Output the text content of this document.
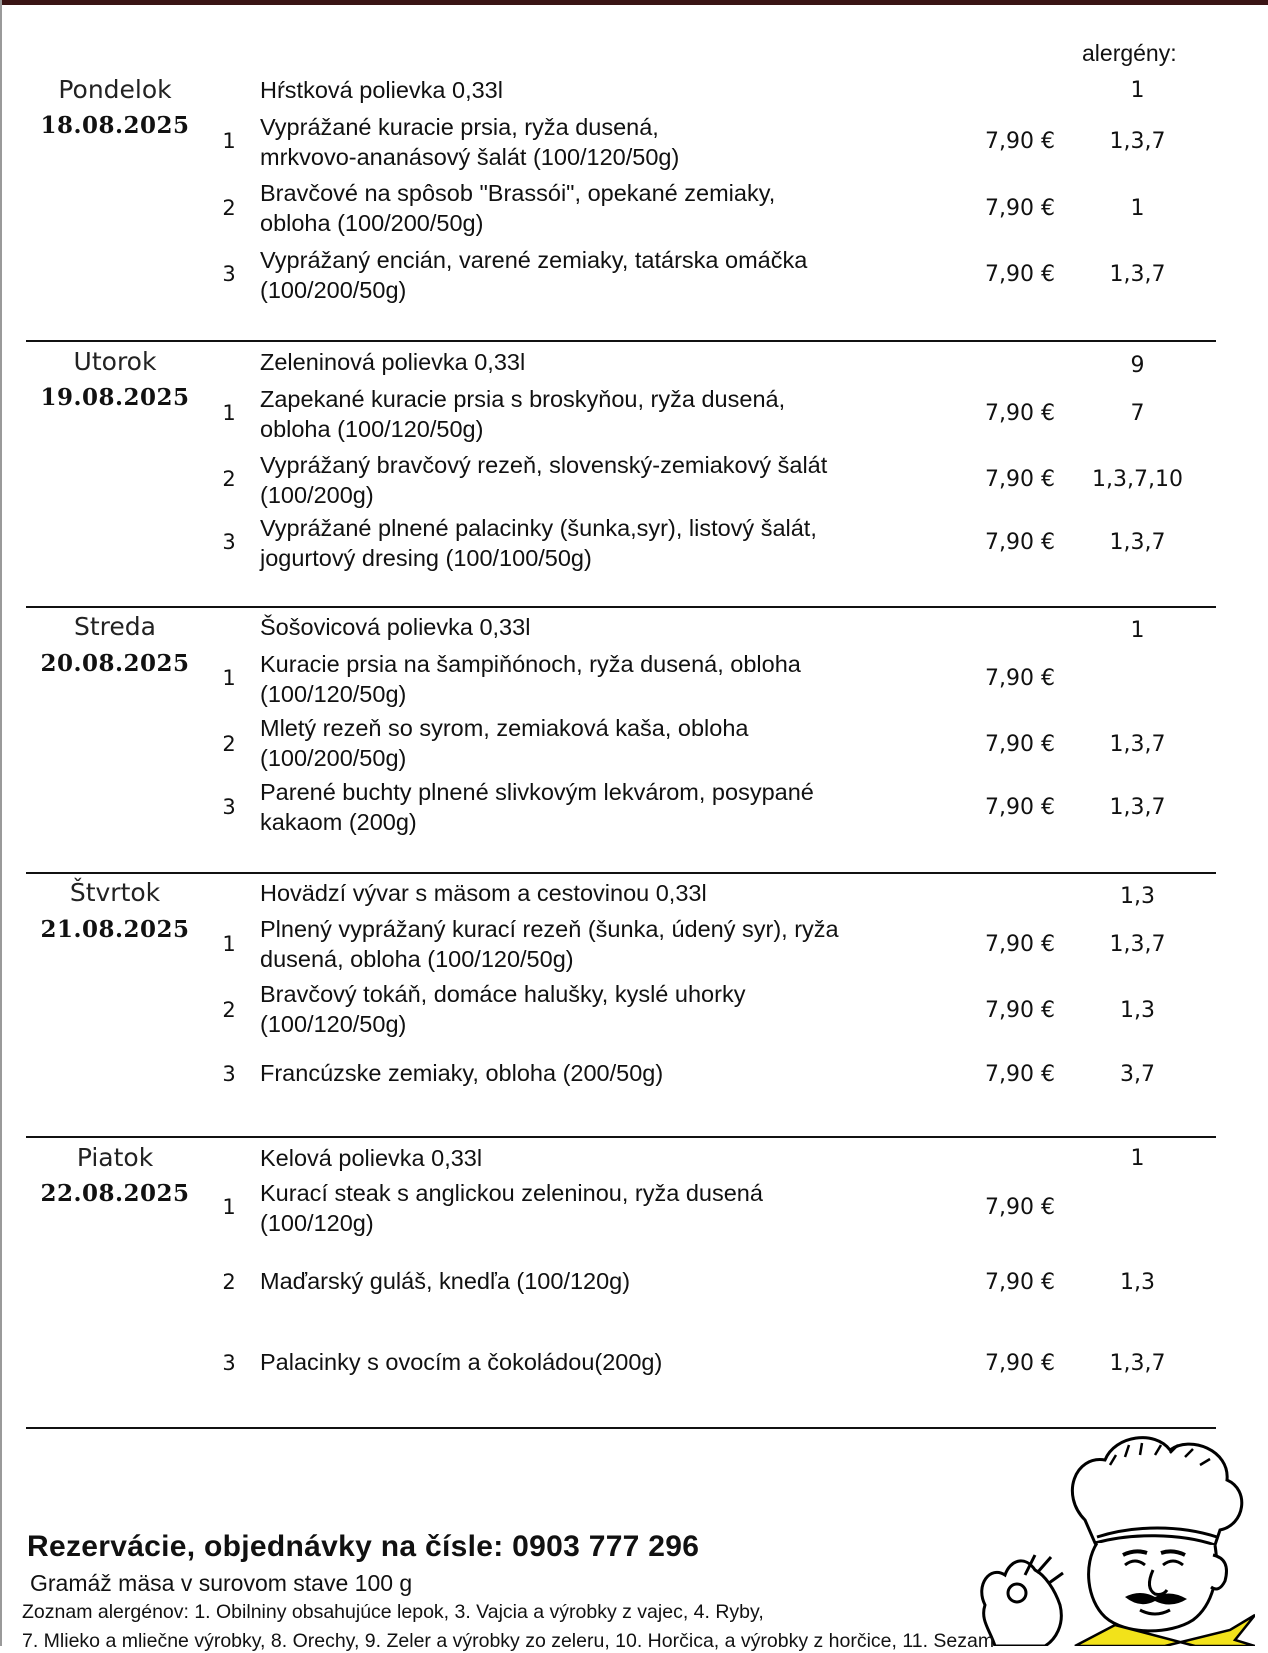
alergény:
Pondelok
18.08.2025
Hŕstková polievka 0,33l	1
1
Vyprážané kuracie prsia, ryža dusená,
mrkvovo-ananásový šalát (100/120/50g)
7,90 €	1,3,7
2
Bravčové na spôsob "Brassói", opekané zemiaky,
obloha (100/200/50g)
7,90 €	1
3
Vyprážaný encián, varené zemiaky, tatárska omáčka
(100/200/50g)
7,90 €	1,3,7
Utorok
19.08.2025
Zeleninová polievka 0,33l	9
1
Zapekané kuracie prsia s broskyňou, ryža dusená,
obloha (100/120/50g)
7,90 €	7
2
Vyprážaný bravčový rezeň, slovenský-zemiakový šalát
(100/200g)
7,90 €	1,3,7,10
3
Vyprážané plnené palacinky (šunka,syr), listový šalát,
jogurtový dresing (100/100/50g)
7,90 €	1,3,7
Streda
20.08.2025
Šošovicová polievka 0,33l	1
1
Kuracie prsia na šampiňónoch, ryža dusená, obloha
(100/120/50g)
7,90 €
2
Mletý rezeň so syrom, zemiaková kaša, obloha
(100/200/50g)
7,90 €	1,3,7
3
Parené buchty plnené slivkovým lekvárom, posypané
kakaom (200g)
7,90 €	1,3,7
Štvrtok
21.08.2025
Hovädzí vývar s mäsom a cestovinou 0,33l	1,3
1
Plnený vyprážaný kurací rezeň (šunka, údený syr), ryža
dusená, obloha (100/120/50g)
7,90 €	1,3,7
2
Bravčový tokáň, domáce halušky, kyslé uhorky
(100/120/50g)
7,90 €	1,3
3	Francúzske zemiaky, obloha (200/50g)	7,90 €	3,7
Piatok
22.08.2025
Kelová polievka 0,33l	1
1
Kurací steak s anglickou zeleninou, ryža dusená
(100/120g)
7,90 €
2	Maďarský guláš, knedľa (100/120g)	7,90 €	1,3
3	Palacinky s ovocím a čokoládou(200g)	7,90 €	1,3,7
Rezervácie, objednávky na čísle: 0903 777 296
Gramáž mäsa v surovom stave 100 g
Zoznam alergénov: 1. Obilniny obsahujúce lepok, 3. Vajcia a výrobky z vajec, 4. Ryby,
7. Mlieko a mliečne výrobky, 8. Orechy, 9. Zeler a výrobky zo zeleru, 10. Horčica, a výrobky z horčice, 11. Sezam
